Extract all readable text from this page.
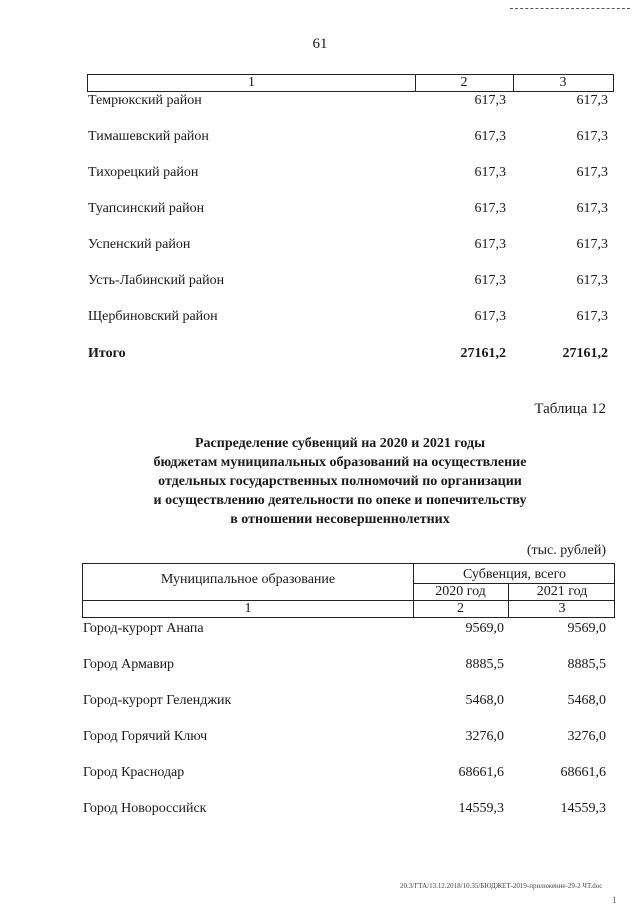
61
1	2	3
Темрюкский район	617,3	617,3
Тимашевский район	617,3	617,3
Тихорецкий район	617,3	617,3
Туапсинский район	617,3	617,3
Успенский район	617,3	617,3
Усть-Лабинский район	617,3	617,3
Щербиновский район	617,3	617,3
Итого	27161,2	27161,2
Таблица 12
Распределение субвенций на 2020 и 2021 годы
бюджетам муниципальных образований на осуществление
отдельных государственных полномочий по организации
и осуществлению деятельности по опеке и попечительству
в отношении несовершеннолетних
(тыс. рублей)
Муниципальное образование	Субвенция, всего
2020 год	2021 год
1	2	3
Город-курорт Анапа	9569,0	9569,0
Город Армавир	8885,5	8885,5
Город-курорт Геленджик	5468,0	5468,0
Город Горячий Ключ	3276,0	3276,0
Город Краснодар	68661,6	68661,6
Город Новороссийск	14559,3	14559,3
20.3/ГТА/13.12.2018/10.35/БЮДЖЕТ-2019-приложение-29-2 ЧТ.doc
1
